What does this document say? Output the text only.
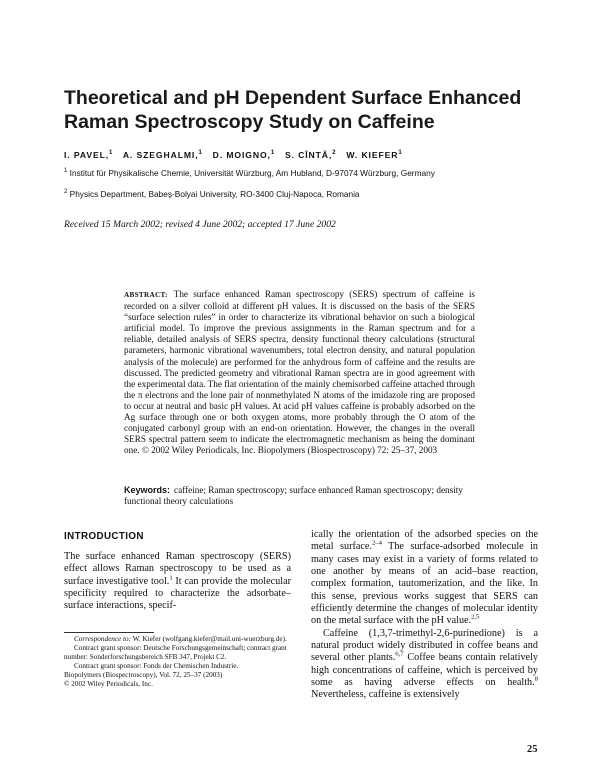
Theoretical and pH Dependent Surface Enhanced Raman Spectroscopy Study on Caffeine
I. PAVEL,$^1$ A. SZEGHALMI,$^1$ D. MOIGNO,$^1$ S. CÎNTĂ,$^2$ W. KIEFER$^1$
$^1$ Institut für Physikalische Chemie, Universität Würzburg, Am Hubland, D-97074 Würzburg, Germany
$^2$ Physics Department, Babeş-Bolyai University, RO-3400 Cluj-Napoca, Romania
Received 15 March 2002; revised 4 June 2002; accepted 17 June 2002

ABSTRACT: The surface enhanced Raman spectroscopy (SERS) spectrum of caffeine is recorded on a silver colloid at different pH values. It is discussed on the basis of the SERS “surface selection rules” in order to characterize its vibrational behavior on such a biological artificial model. To improve the previous assignments in the Raman spectrum and for a reliable, detailed analysis of SERS spectra, density functional theory calculations (structural parameters, harmonic vibrational wavenumbers, total electron density, and natural population analysis of the molecule) are performed for the anhydrous form of caffeine and the results are discussed. The predicted geometry and vibrational Raman spectra are in good agreement with the experimental data. The flat orientation of the mainly chemisorbed caffeine attached through the π electrons and the lone pair of nonmethylated N atoms of the imidazole ring are proposed to occur at neutral and basic pH values. At acid pH values caffeine is probably adsorbed on the Ag surface through one or both oxygen atoms, more probably through the O atom of the conjugated carbonyl group with an end-on orientation. However, the changes in the overall SERS spectral pattern seem to indicate the electromagnetic mechanism as being the dominant one. © 2002 Wiley Periodicals, Inc. Biopolymers (Biospectroscopy) 72: 25–37, 2003

Keywords: caffeine; Raman spectroscopy; surface enhanced Raman spectroscopy; density functional theory calculations

INTRODUCTION

The surface enhanced Raman spectroscopy (SERS) effect allows Raman spectroscopy to be used as a surface investigative tool.$^1$ It can provide the molecular specificity required to characterize the adsorbate–surface interactions, specif-

Correspondence to: W. Kiefer (wolfgang.kiefer@mail.uni-wuerzburg.de).

Contract grant sponsor: Deutsche Forschungsgemeinschaft; contract grant number: Sonderforschungsbereich SFB 347, Projekt C2.

Contract grant sponsor: Fonds der Chemischen Industrie.

Biopolymers (Biospectroscopy), Vol. 72, 25–37 (2003)

© 2002 Wiley Periodicals, Inc.

ically the orientation of the adsorbed species on the metal surface.$^{2-4}$ The surface-adsorbed molecule in many cases may exist in a variety of forms related to one another by means of an acid–base reaction, complex formation, tautomerization, and the like. In this sense, previous works suggest that SERS can efficiently determine the changes of molecular identity on the metal surface with the pH value.$^{2,5}$

Caffeine (1,3,7-trimethyl-2,6-purinedione) is a natural product widely distributed in coffee beans and several other plants.$^{6,7}$ Coffee beans contain relatively high concentrations of caffeine, which is perceived by some as having adverse effects on health.$^8$ Nevertheless, caffeine is extensively

25
